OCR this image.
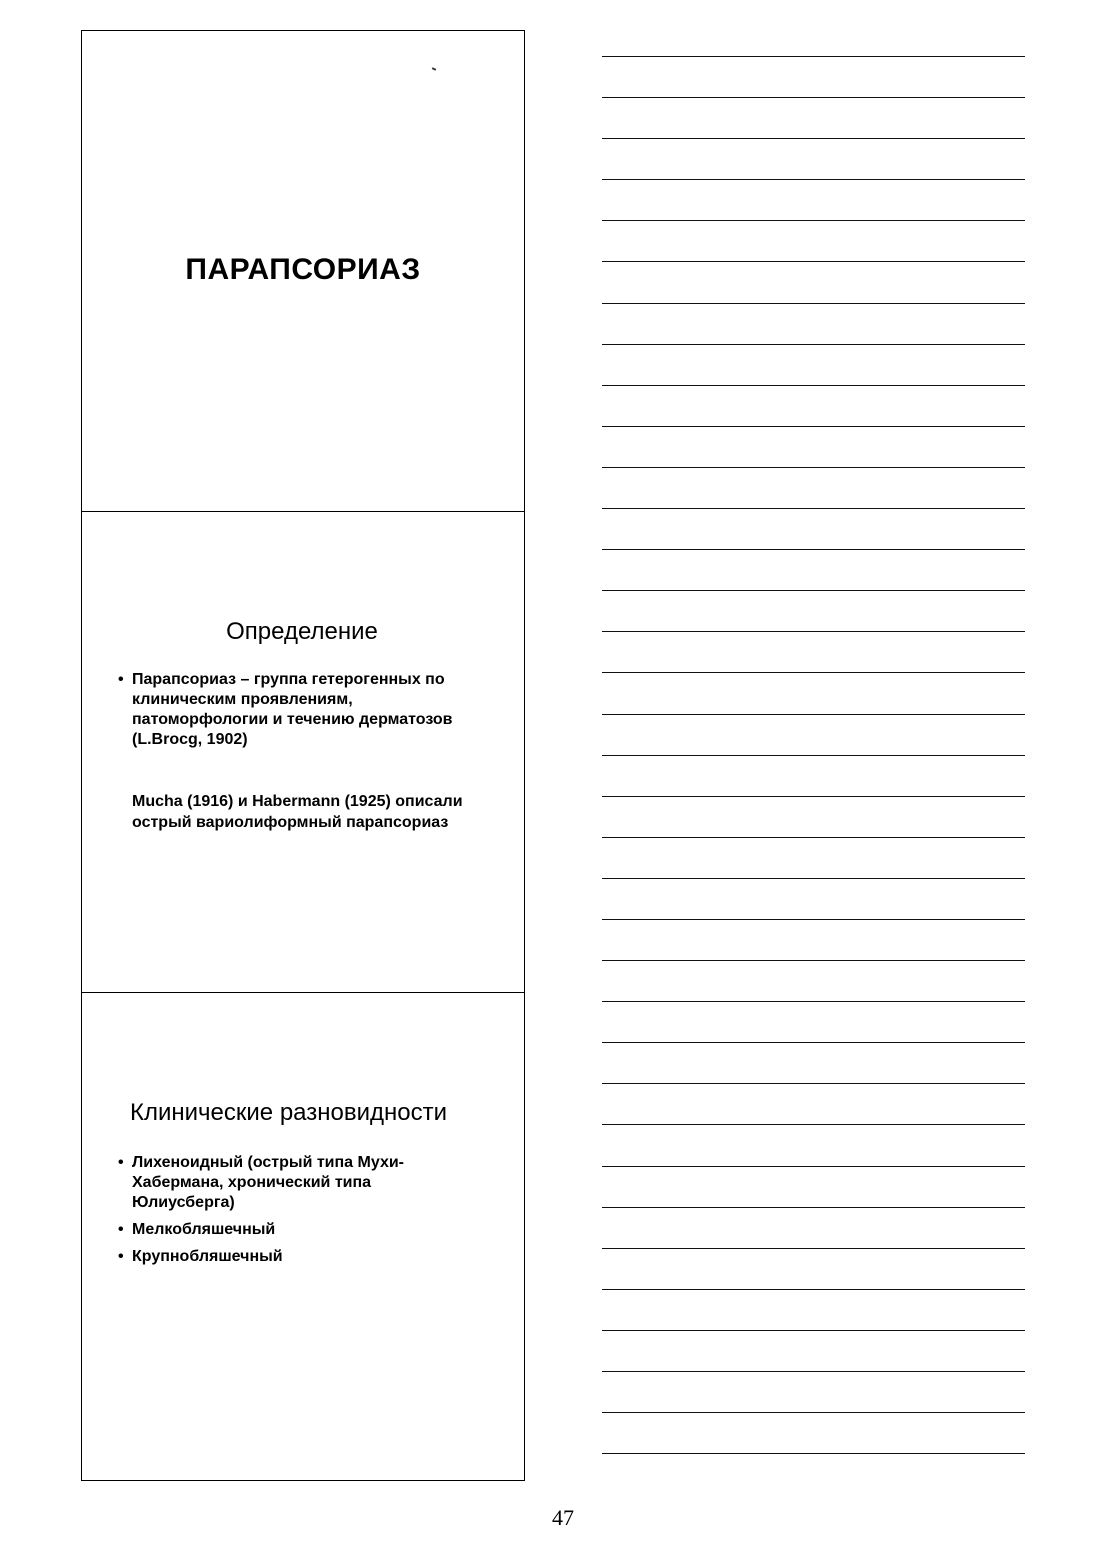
ПАРАПСОРИАЗ
Определение
• Парапсориаз – группа гетерогенных по клиническим проявлениям, патоморфологии и течению дерматозов (L.Brocg, 1902)

Mucha (1916) и Habermann (1925) описали острый вариолиформный парапсориаз

Клинические разновидности
• Лихеноидный (острый типа Мухи-Хабермана, хронический типа Юлиусберга)
• Мелкобляшечный
• Крупнобляшечный
47
